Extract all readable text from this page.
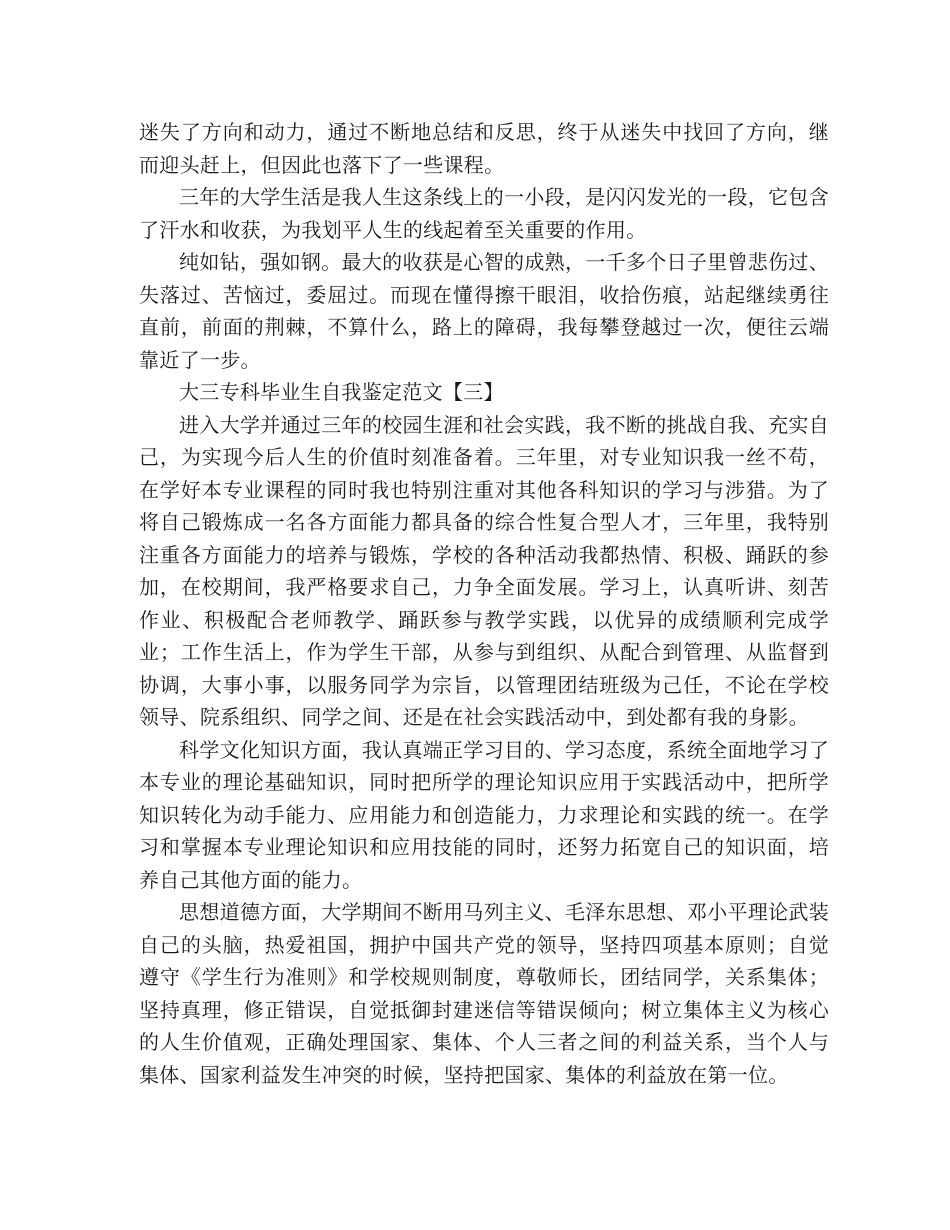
迷失了方向和动力，通过不断地总结和反思，终于从迷失中找回了方向，继而迎头赶上，但因此也落下了一些课程。

三年的大学生活是我人生这条线上的一小段，是闪闪发光的一段，它包含了汗水和收获，为我划平人生的线起着至关重要的作用。

纯如钻，强如钢。最大的收获是心智的成熟，一千多个日子里曾悲伤过、失落过、苦恼过，委屈过。而现在懂得擦干眼泪，收拾伤痕，站起继续勇往直前，前面的荆棘，不算什么，路上的障碍，我每攀登越过一次，便往云端靠近了一步。

大三专科毕业生自我鉴定范文【三】

进入大学并通过三年的校园生涯和社会实践，我不断的挑战自我、充实自己，为实现今后人生的价值时刻准备着。三年里，对专业知识我一丝不苟，在学好本专业课程的同时我也特别注重对其他各科知识的学习与涉猎。为了将自己锻炼成一名各方面能力都具备的综合性复合型人才，三年里，我特别注重各方面能力的培养与锻炼，学校的各种活动我都热情、积极、踊跃的参加，在校期间，我严格要求自己，力争全面发展。学习上，认真听讲、刻苦作业、积极配合老师教学、踊跃参与教学实践，以优异的成绩顺利完成学业；工作生活上，作为学生干部，从参与到组织、从配合到管理、从监督到协调，大事小事，以服务同学为宗旨，以管理团结班级为己任，不论在学校领导、院系组织、同学之间、还是在社会实践活动中，到处都有我的身影。

科学文化知识方面，我认真端正学习目的、学习态度，系统全面地学习了本专业的理论基础知识，同时把所学的理论知识应用于实践活动中，把所学知识转化为动手能力、应用能力和创造能力，力求理论和实践的统一。在学习和掌握本专业理论知识和应用技能的同时，还努力拓宽自己的知识面，培养自己其他方面的能力。

思想道德方面，大学期间不断用马列主义、毛泽东思想、邓小平理论武装自己的头脑，热爱祖国，拥护中国共产党的领导，坚持四项基本原则；自觉遵守《学生行为准则》和学校规则制度，尊敬师长，团结同学，关系集体；坚持真理，修正错误，自觉抵御封建迷信等错误倾向；树立集体主义为核心的人生价值观，正确处理国家、集体、个人三者之间的利益关系，当个人与集体、国家利益发生冲突的时候，坚持把国家、集体的利益放在第一位。
